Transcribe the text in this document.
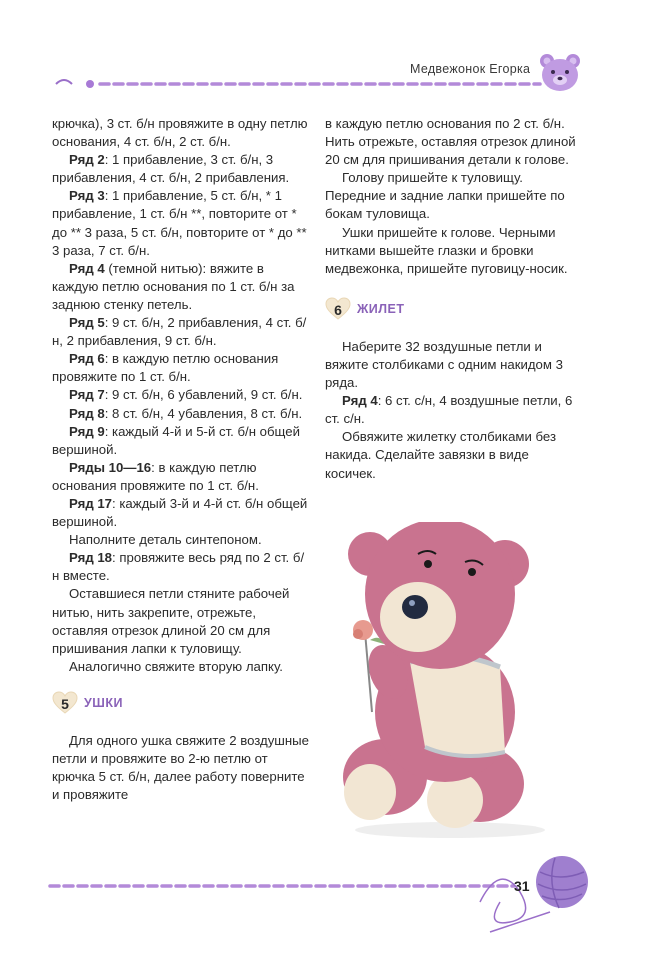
Медвежонок Егорка

крючка), 3 ст. б/н провяжите в одну петлю основания, 4 ст. б/н, 2 ст. б/н.

Ряд 2: 1 прибавление, 3 ст. б/н, 3 прибавления, 4 ст. б/н, 2 прибавления.

Ряд 3: 1 прибавление, 5 ст. б/н, * 1 прибавление, 1 ст. б/н **, повторите от * до ** 3 раза, 5 ст. б/н, повторите от * до ** 3 раза, 7 ст. б/н.

Ряд 4 (темной нитью): вяжите в каждую петлю основания по 1 ст. б/н за заднюю стенку петель.

Ряд 5: 9 ст. б/н, 2 прибавления, 4 ст. б/н, 2 прибавления, 9 ст. б/н.

Ряд 6: в каждую петлю основания провяжите по 1 ст. б/н.

Ряд 7: 9 ст. б/н, 6 убавлений, 9 ст. б/н.

Ряд 8: 8 ст. б/н, 4 убавления, 8 ст. б/н.

Ряд 9: каждый 4-й и 5-й ст. б/н общей вершиной.

Ряды 10—16: в каждую петлю основания провяжите по 1 ст. б/н.

Ряд 17: каждый 3-й и 4-й ст. б/н общей вершиной.

Наполните деталь синтепоном.

Ряд 18: провяжите весь ряд по 2 ст. б/н вместе.

Оставшиеся петли стяните рабочей нитью, нить закрепите, отрежьте, оставляя отрезок длиной 20 см для пришивания лапки к туловищу.

Аналогично свяжите вторую лапку.

5	УШКИ

Для одного ушка свяжите 2 воздушные петли и провяжите во 2-ю петлю от крючка 5 ст. б/н, далее работу поверните и провяжите

в каждую петлю основания по 2 ст. б/н. Нить отрежьте, оставляя отрезок длиной 20 см для пришивания детали к голове.

Голову пришейте к туловищу. Передние и задние лапки пришейте по бокам туловища.

Ушки пришейте к голове. Черными нитками вышейте глазки и бровки медвежонка, пришейте пуговицу-носик.

6	ЖИЛЕТ

Наберите 32 воздушные петли и вяжите столбиками с одним накидом 3 ряда.

Ряд 4: 6 ст. с/н, 4 воздушные петли, 6 ст. с/н.

Обвяжите жилетку столбиками без накида. Сделайте завязки в виде косичек.

31
